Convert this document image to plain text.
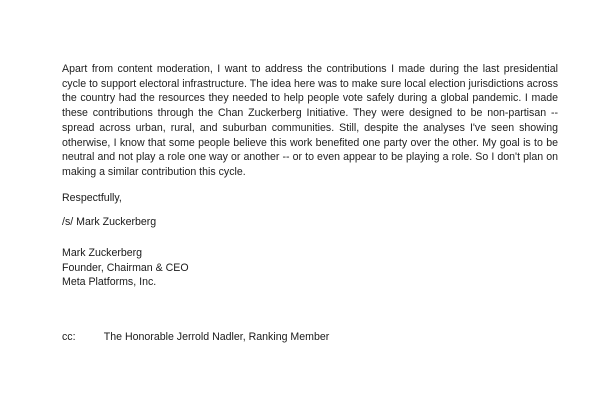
Apart from content moderation, I want to address the contributions I made during the last presidential cycle to support electoral infrastructure. The idea here was to make sure local election jurisdictions across the country had the resources they needed to help people vote safely during a global pandemic. I made these contributions through the Chan Zuckerberg Initiative. They were designed to be non-partisan -- spread across urban, rural, and suburban communities. Still, despite the analyses I've seen showing otherwise, I know that some people believe this work benefited one party over the other. My goal is to be neutral and not play a role one way or another -- or to even appear to be playing a role. So I don't plan on making a similar contribution this cycle.

Respectfully,

/s/ Mark Zuckerberg

Mark Zuckerberg
Founder, Chairman & CEO
Meta Platforms, Inc.
cc:	The Honorable Jerrold Nadler, Ranking Member
